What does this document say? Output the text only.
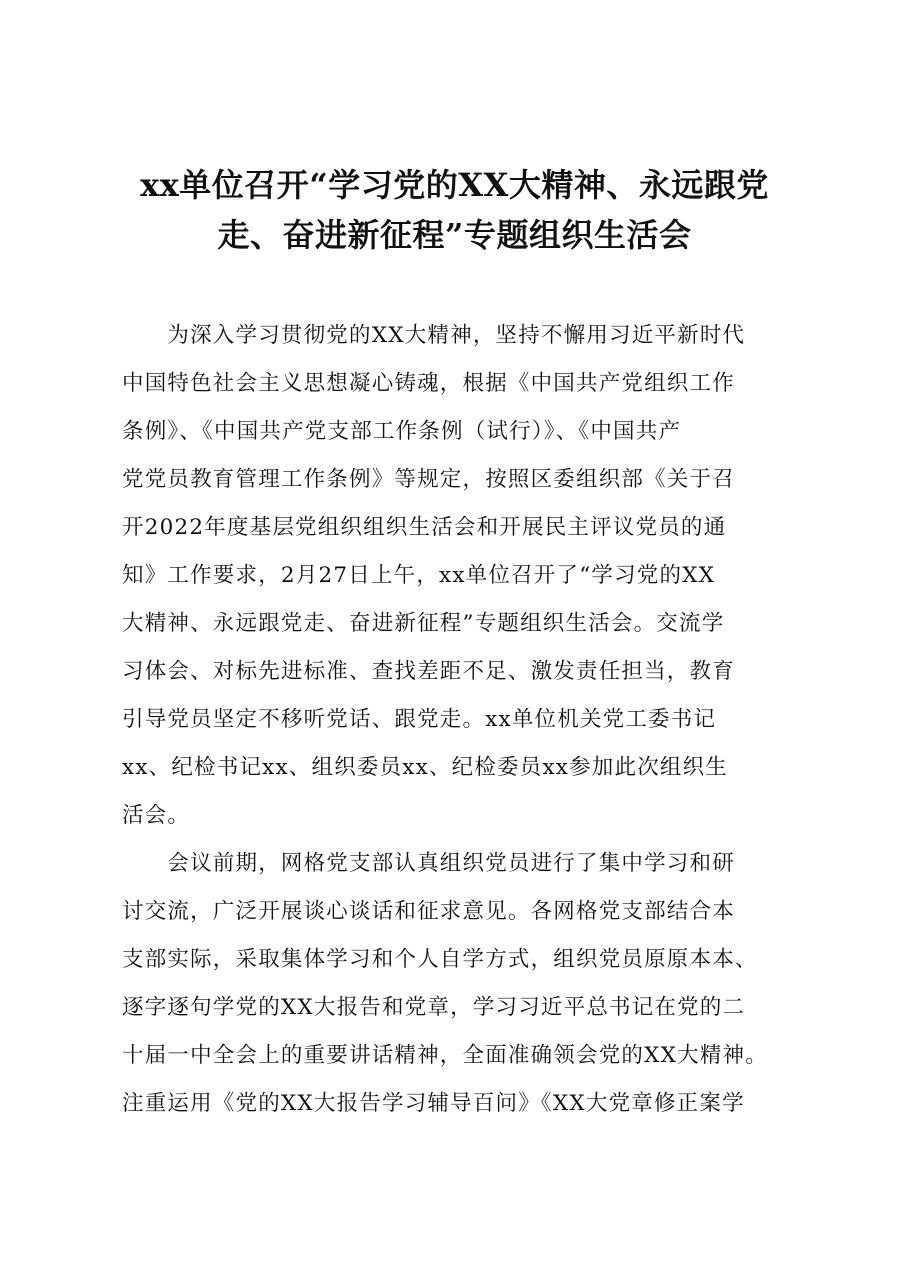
xx单位召开“学习党的XX大精神、永远跟党
走、奋进新征程”专题组织生活会

　　为深入学习贯彻党的XX大精神，坚持不懈用习近平新时代
中国特色社会主义思想凝心铸魂，根据《中国共产党组织工作
条例》、《中国共产党支部工作条例（试行）》、《中国共产
党党员教育管理工作条例》等规定，按照区委组织部《关于召
开2022年度基层党组织组织生活会和开展民主评议党员的通
知》工作要求，2月27日上午，xx单位召开了“学习党的XX
大精神、永远跟党走、奋进新征程”专题组织生活会。交流学
习体会、对标先进标准、查找差距不足、激发责任担当，教育
引导党员坚定不移听党话、跟党走。xx单位机关党工委书记
xx、纪检书记xx、组织委员xx、纪检委员xx参加此次组织生
活会。

　　会议前期，网格党支部认真组织党员进行了集中学习和研
讨交流，广泛开展谈心谈话和征求意见。各网格党支部结合本
支部实际，采取集体学习和个人自学方式，组织党员原原本本、
逐字逐句学党的XX大报告和党章，学习习近平总书记在党的二
十届一中全会上的重要讲话精神，全面准确领会党的XX大精神。
注重运用《党的XX大报告学习辅导百问》《XX大党章修正案学
